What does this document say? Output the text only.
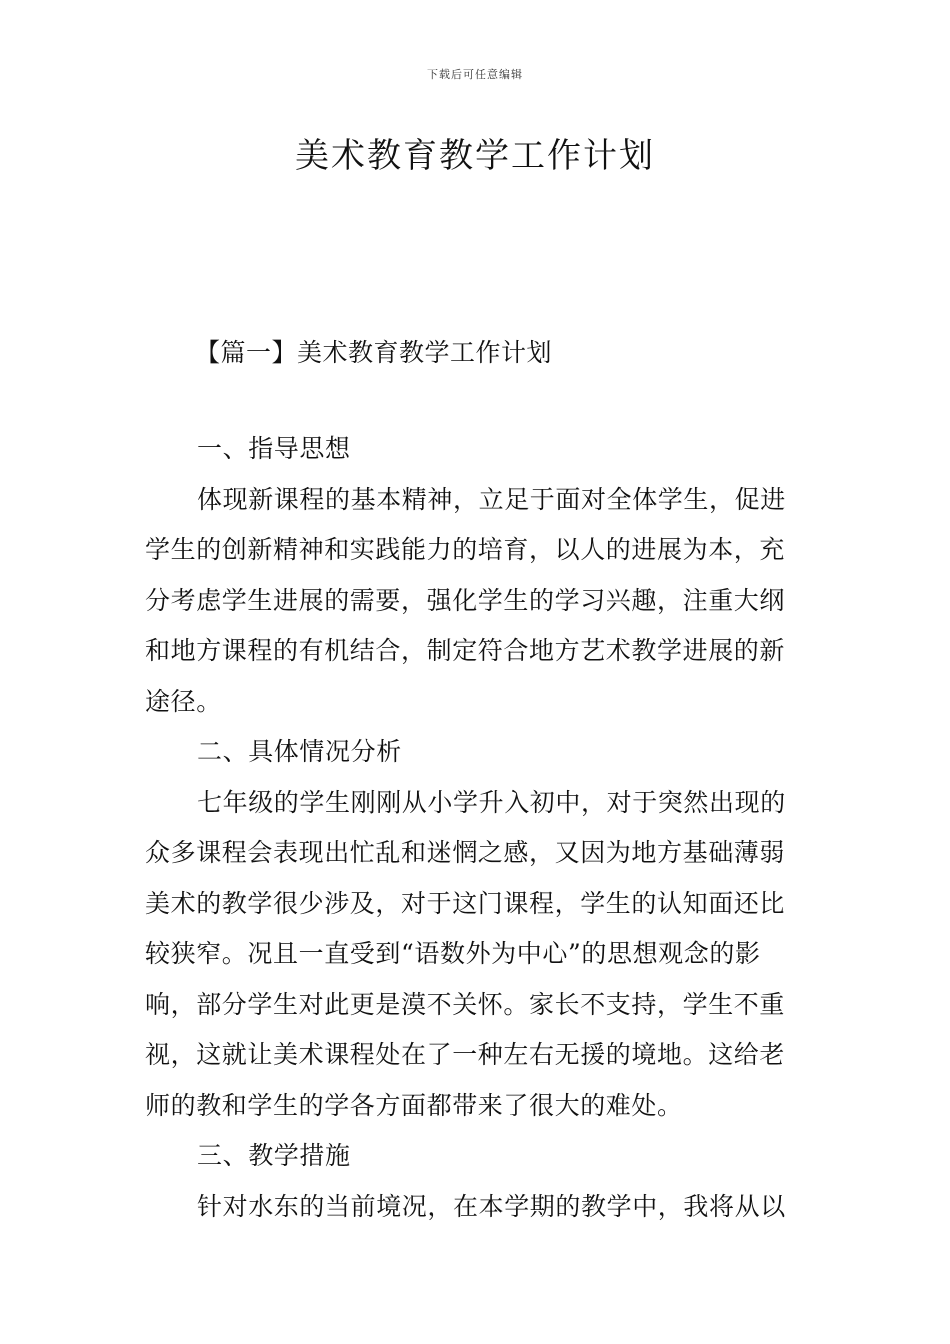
下载后可任意编辑
美术教育教学工作计划
【篇一】美术教育教学工作计划
一、指导思想
体现新课程的基本精神，立足于面对全体学生，促进
学生的创新精神和实践能力的培育，以人的进展为本，充
分考虑学生进展的需要，强化学生的学习兴趣，注重大纲
和地方课程的有机结合，制定符合地方艺术教学进展的新
途径。
二、具体情况分析
七年级的学生刚刚从小学升入初中，对于突然出现的
众多课程会表现出忙乱和迷惘之感，又因为地方基础薄弱
美术的教学很少涉及，对于这门课程，学生的认知面还比
较狭窄。况且一直受到“语数外为中心”的思想观念的影
响，部分学生对此更是漠不关怀。家长不支持，学生不重
视，这就让美术课程处在了一种左右无援的境地。这给老
师的教和学生的学各方面都带来了很大的难处。
三、教学措施
针对水东的当前境况，在本学期的教学中，我将从以
